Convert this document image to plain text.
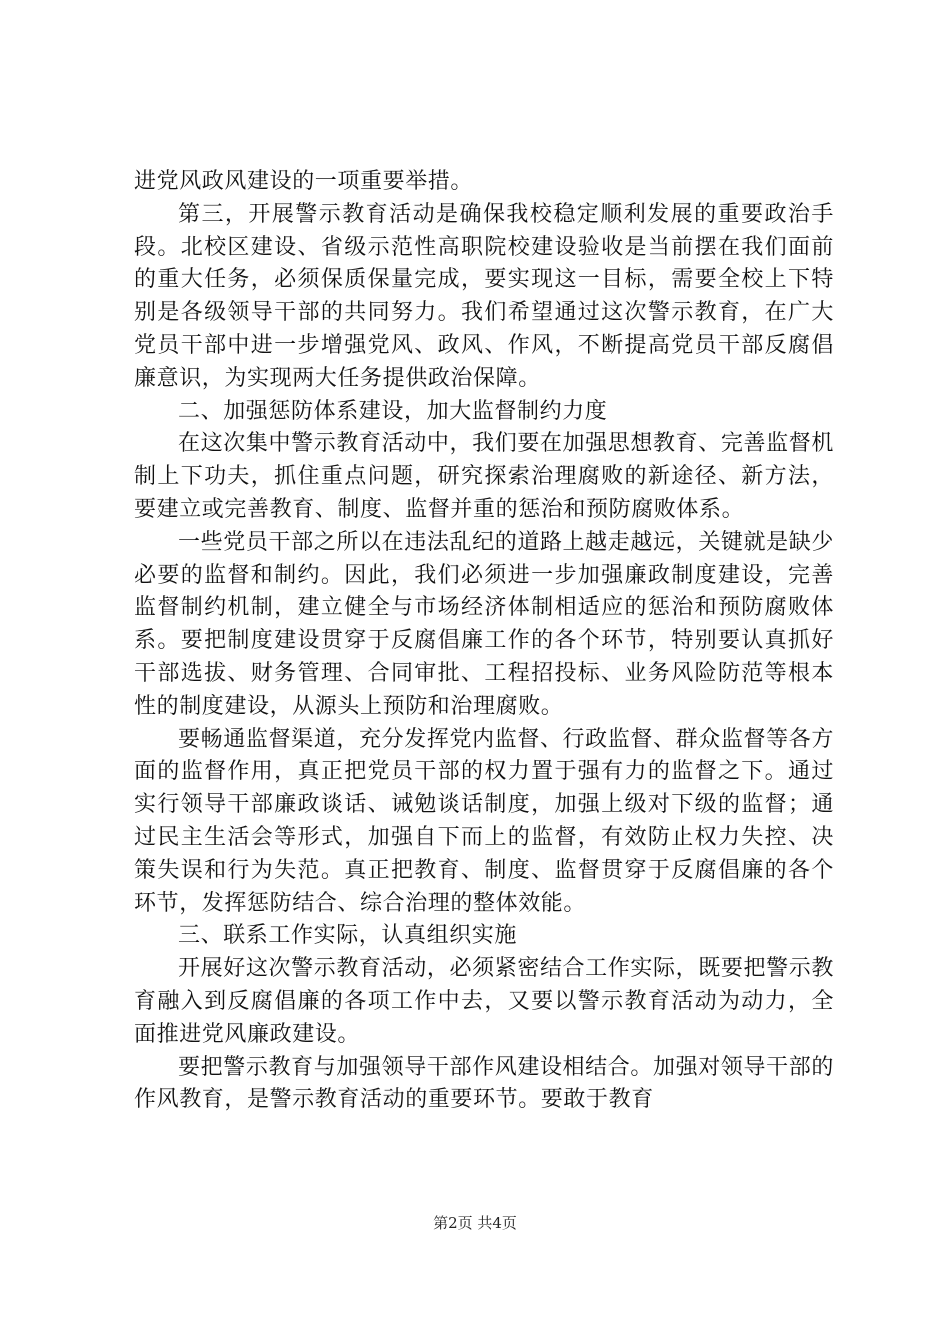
进党风政风建设的一项重要举措。

第三，开展警示教育活动是确保我校稳定顺利发展的重要政治手段。北校区建设、省级示范性高职院校建设验收是当前摆在我们面前的重大任务，必须保质保量完成，要实现这一目标，需要全校上下特别是各级领导干部的共同努力。我们希望通过这次警示教育，在广大党员干部中进一步增强党风、政风、作风，不断提高党员干部反腐倡廉意识，为实现两大任务提供政治保障。

二、加强惩防体系建设，加大监督制约力度

在这次集中警示教育活动中，我们要在加强思想教育、完善监督机制上下功夫，抓住重点问题，研究探索治理腐败的新途径、新方法，要建立或完善教育、制度、监督并重的惩治和预防腐败体系。

一些党员干部之所以在违法乱纪的道路上越走越远，关键就是缺少必要的监督和制约。因此，我们必须进一步加强廉政制度建设，完善监督制约机制，建立健全与市场经济体制相适应的惩治和预防腐败体系。要把制度建设贯穿于反腐倡廉工作的各个环节，特别要认真抓好干部选拔、财务管理、合同审批、工程招投标、业务风险防范等根本性的制度建设，从源头上预防和治理腐败。

要畅通监督渠道，充分发挥党内监督、行政监督、群众监督等各方面的监督作用，真正把党员干部的权力置于强有力的监督之下。通过实行领导干部廉政谈话、诫勉谈话制度，加强上级对下级的监督；通过民主生活会等形式，加强自下而上的监督，有效防止权力失控、决策失误和行为失范。真正把教育、制度、监督贯穿于反腐倡廉的各个环节，发挥惩防结合、综合治理的整体效能。

三、联系工作实际，认真组织实施

开展好这次警示教育活动，必须紧密结合工作实际，既要把警示教育融入到反腐倡廉的各项工作中去，又要以警示教育活动为动力，全面推进党风廉政建设。

要把警示教育与加强领导干部作风建设相结合。加强对领导干部的作风教育，是警示教育活动的重要环节。要敢于教育

第2页 共4页
